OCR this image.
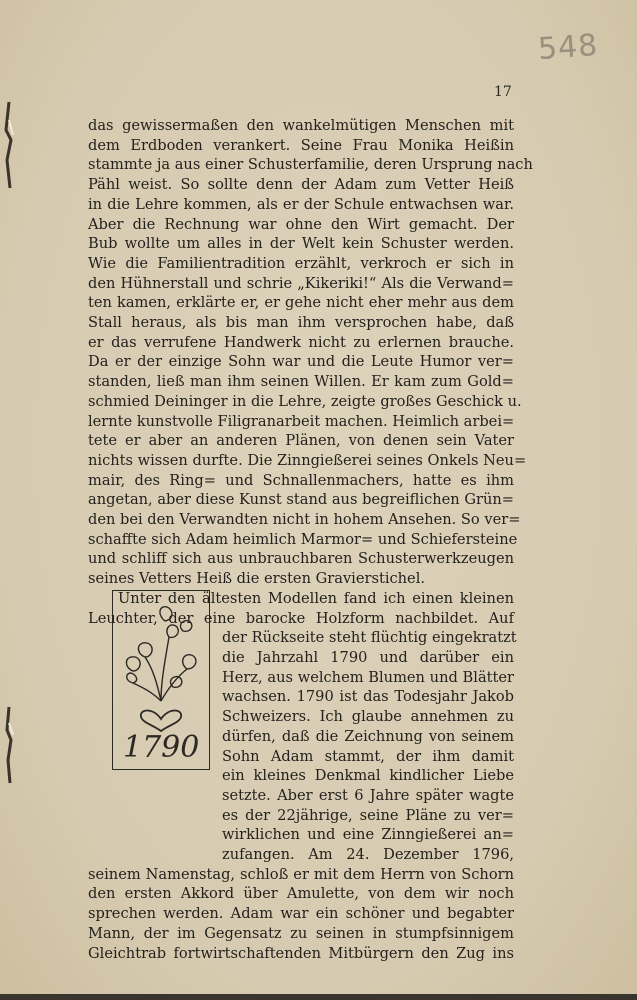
548
17
das gewissermaßen den wankelmütigen Menschen mit
dem Erdboden verankert. Seine Frau Monika Heißin
stammte ja aus einer Schusterfamilie, deren Ursprung nach
Pähl weist. So sollte denn der Adam zum Vetter Heiß
in die Lehre kommen, als er der Schule entwachsen war.
Aber die Rechnung war ohne den Wirt gemacht. Der
Bub wollte um alles in der Welt kein Schuster werden.
Wie die Familientradition erzählt, verkroch er sich in
den Hühnerstall und schrie „Kikeriki!“ Als die Verwand=
ten kamen, erklärte er, er gehe nicht eher mehr aus dem
Stall heraus, als bis man ihm versprochen habe, daß
er das verrufene Handwerk nicht zu erlernen brauche.
Da er der einzige Sohn war und die Leute Humor ver=
standen, ließ man ihm seinen Willen. Er kam zum Gold=
schmied Deininger in die Lehre, zeigte großes Geschick u.
lernte kunstvolle Filigranarbeit machen. Heimlich arbei=
tete er aber an anderen Plänen, von denen sein Vater
nichts wissen durfte. Die Zinngießerei seines Onkels Neu=
mair, des Ring= und Schnallenmachers, hatte es ihm
angetan, aber diese Kunst stand aus begreiflichen Grün=
den bei den Verwandten nicht in hohem Ansehen. So ver=
schaffte sich Adam heimlich Marmor= und Schiefersteine
und schliff sich aus unbrauchbaren Schusterwerkzeugen
seines Vetters Heiß die ersten Gravierstichel.
Unter den ältesten Modellen fand ich einen kleinen
Leuchter, der eine barocke Holzform nachbildet. Auf
der Rückseite steht flüchtig eingekratzt
die Jahrzahl 1790 und darüber ein
Herz, aus welchem Blumen und Blätter
wachsen. 1790 ist das Todesjahr Jakob
Schweizers. Ich glaube annehmen zu
dürfen, daß die Zeichnung von seinem
Sohn Adam stammt, der ihm damit
ein kleines Denkmal kindlicher Liebe
setzte. Aber erst 6 Jahre später wagte
es der 22jährige, seine Pläne zu ver=
wirklichen und eine Zinngießerei an=
zufangen. Am 24. Dezember 1796,
seinem Namenstag, schloß er mit dem Herrn von Schorn
den ersten Akkord über Amulette, von dem wir noch
sprechen werden. Adam war ein schöner und begabter
Mann, der im Gegensatz zu seinen in stumpfsinnigem
Gleichtrab fortwirtschaftenden Mitbürgern den Zug ins
1790
